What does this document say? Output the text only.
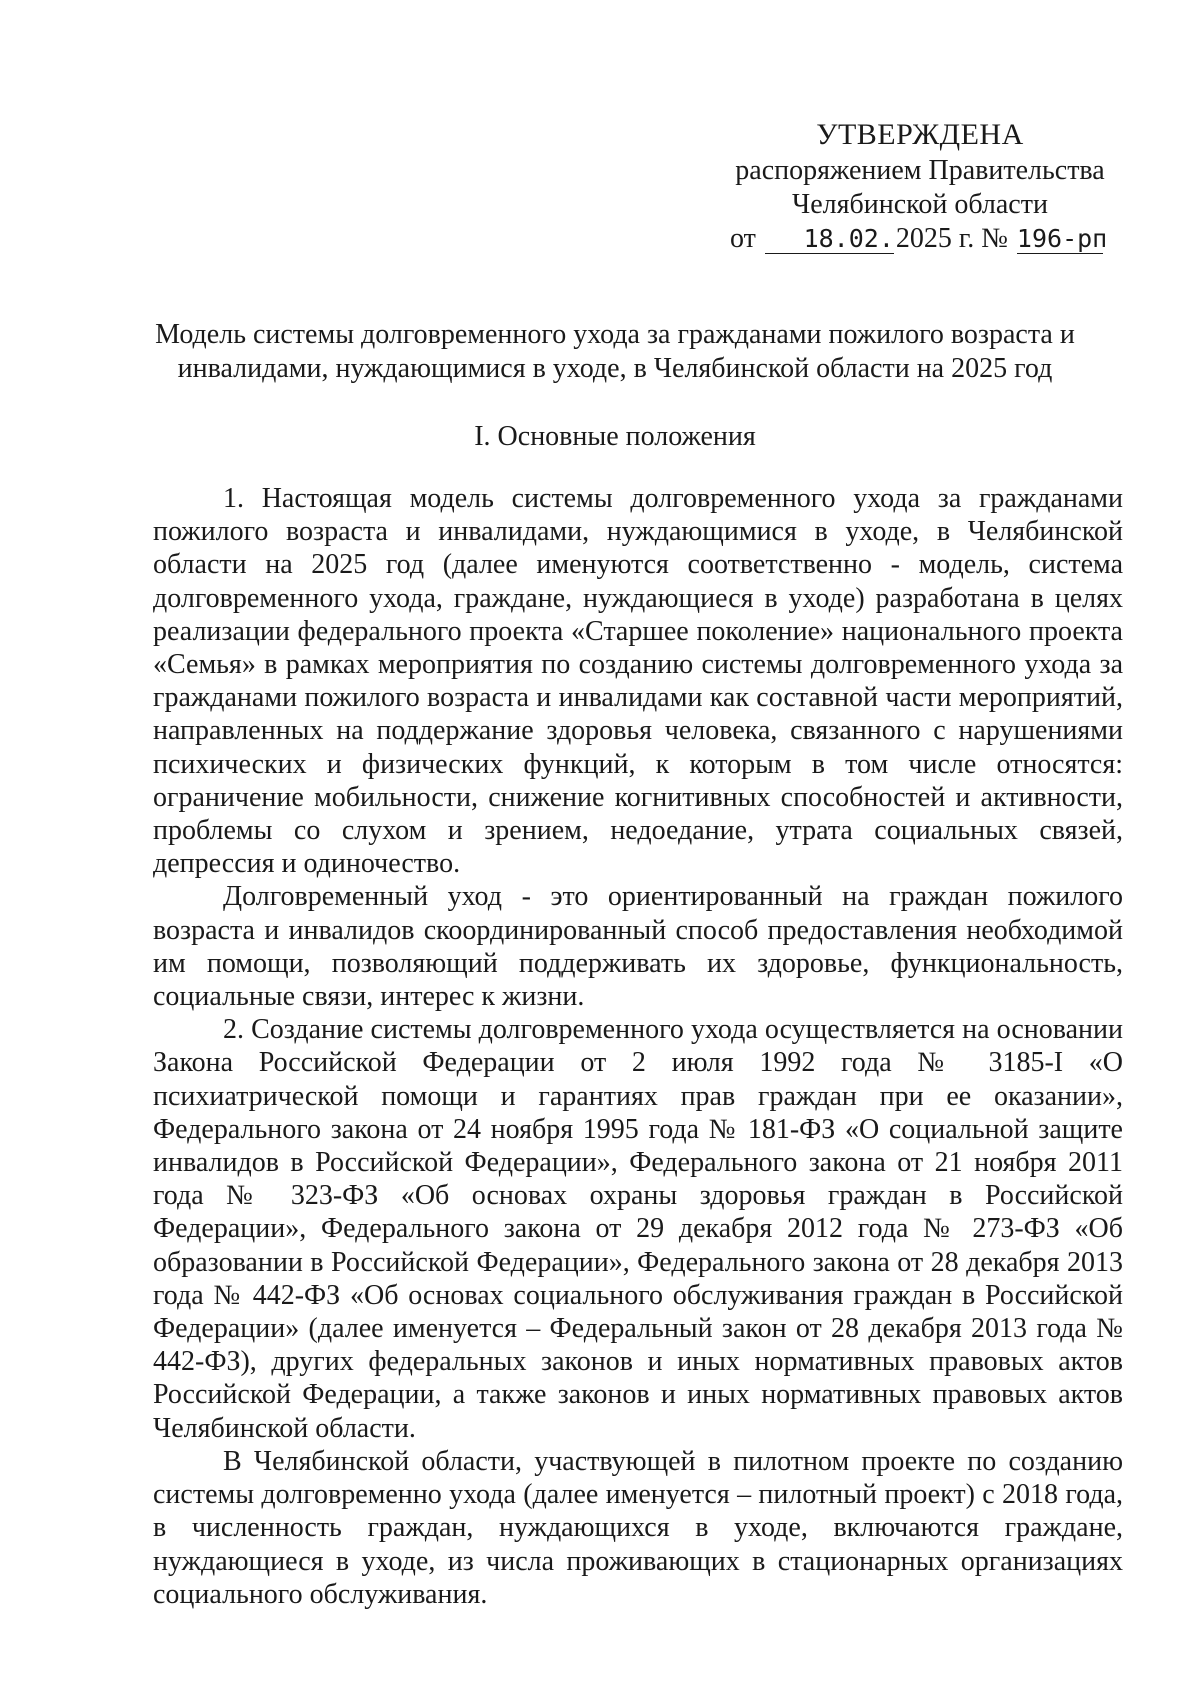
УТВЕРЖДЕНА
распоряжением Правительства
Челябинской области
от 18.02.2025 г. № 196-рп
Модель системы долговременного ухода за гражданами пожилого возраста и
инвалидами, нуждающимися в уходе, в Челябинской области на 2025 год
I. Основные положения

1. Настоящая модель системы долговременного ухода за гражданами пожилого возраста и инвалидами, нуждающимися в уходе, в Челябинской области на 2025 год (далее именуются соответственно - модель, система долговременного ухода, граждане, нуждающиеся в уходе) разработана в целях реализации федерального проекта «Старшее поколение» национального проекта «Семья» в рамках мероприятия по созданию системы долговременного ухода за гражданами пожилого возраста и инвалидами как составной части мероприятий, направленных на поддержание здоровья человека, связанного с нарушениями психических и физических функций, к которым в том числе относятся: ограничение мобильности, снижение когнитивных способностей и активности, проблемы со слухом и зрением, недоедание, утрата социальных связей, депрессия и одиночество.

Долговременный уход - это ориентированный на граждан пожилого возраста и инвалидов скоординированный способ предоставления необходимой им помощи, позволяющий поддерживать их здоровье, функциональность, социальные связи, интерес к жизни.

2. Создание системы долговременного ухода осуществляется на основании Закона Российской Федерации от 2 июля 1992 года № 3185-I «О психиатрической помощи и гарантиях прав граждан при ее оказании», Федерального закона от 24 ноября 1995 года № 181-ФЗ «О социальной защите инвалидов в Российской Федерации», Федерального закона от 21 ноября 2011 года № 323-ФЗ «Об основах охраны здоровья граждан в Российской Федерации», Федерального закона от 29 декабря 2012 года № 273-ФЗ «Об образовании в Российской Федерации», Федерального закона от 28 декабря 2013 года № 442-ФЗ «Об основах социального обслуживания граждан в Российской Федерации» (далее именуется – Федеральный закон от 28 декабря 2013 года № 442-ФЗ), других федеральных законов и иных нормативных правовых актов Российской Федерации, а также законов и иных нормативных правовых актов Челябинской области.

В Челябинской области, участвующей в пилотном проекте по созданию системы долговременно ухода (далее именуется – пилотный проект) с 2018 года, в численность граждан, нуждающихся в уходе, включаются граждане, нуждающиеся в уходе, из числа проживающих в стационарных организациях социального обслуживания.
